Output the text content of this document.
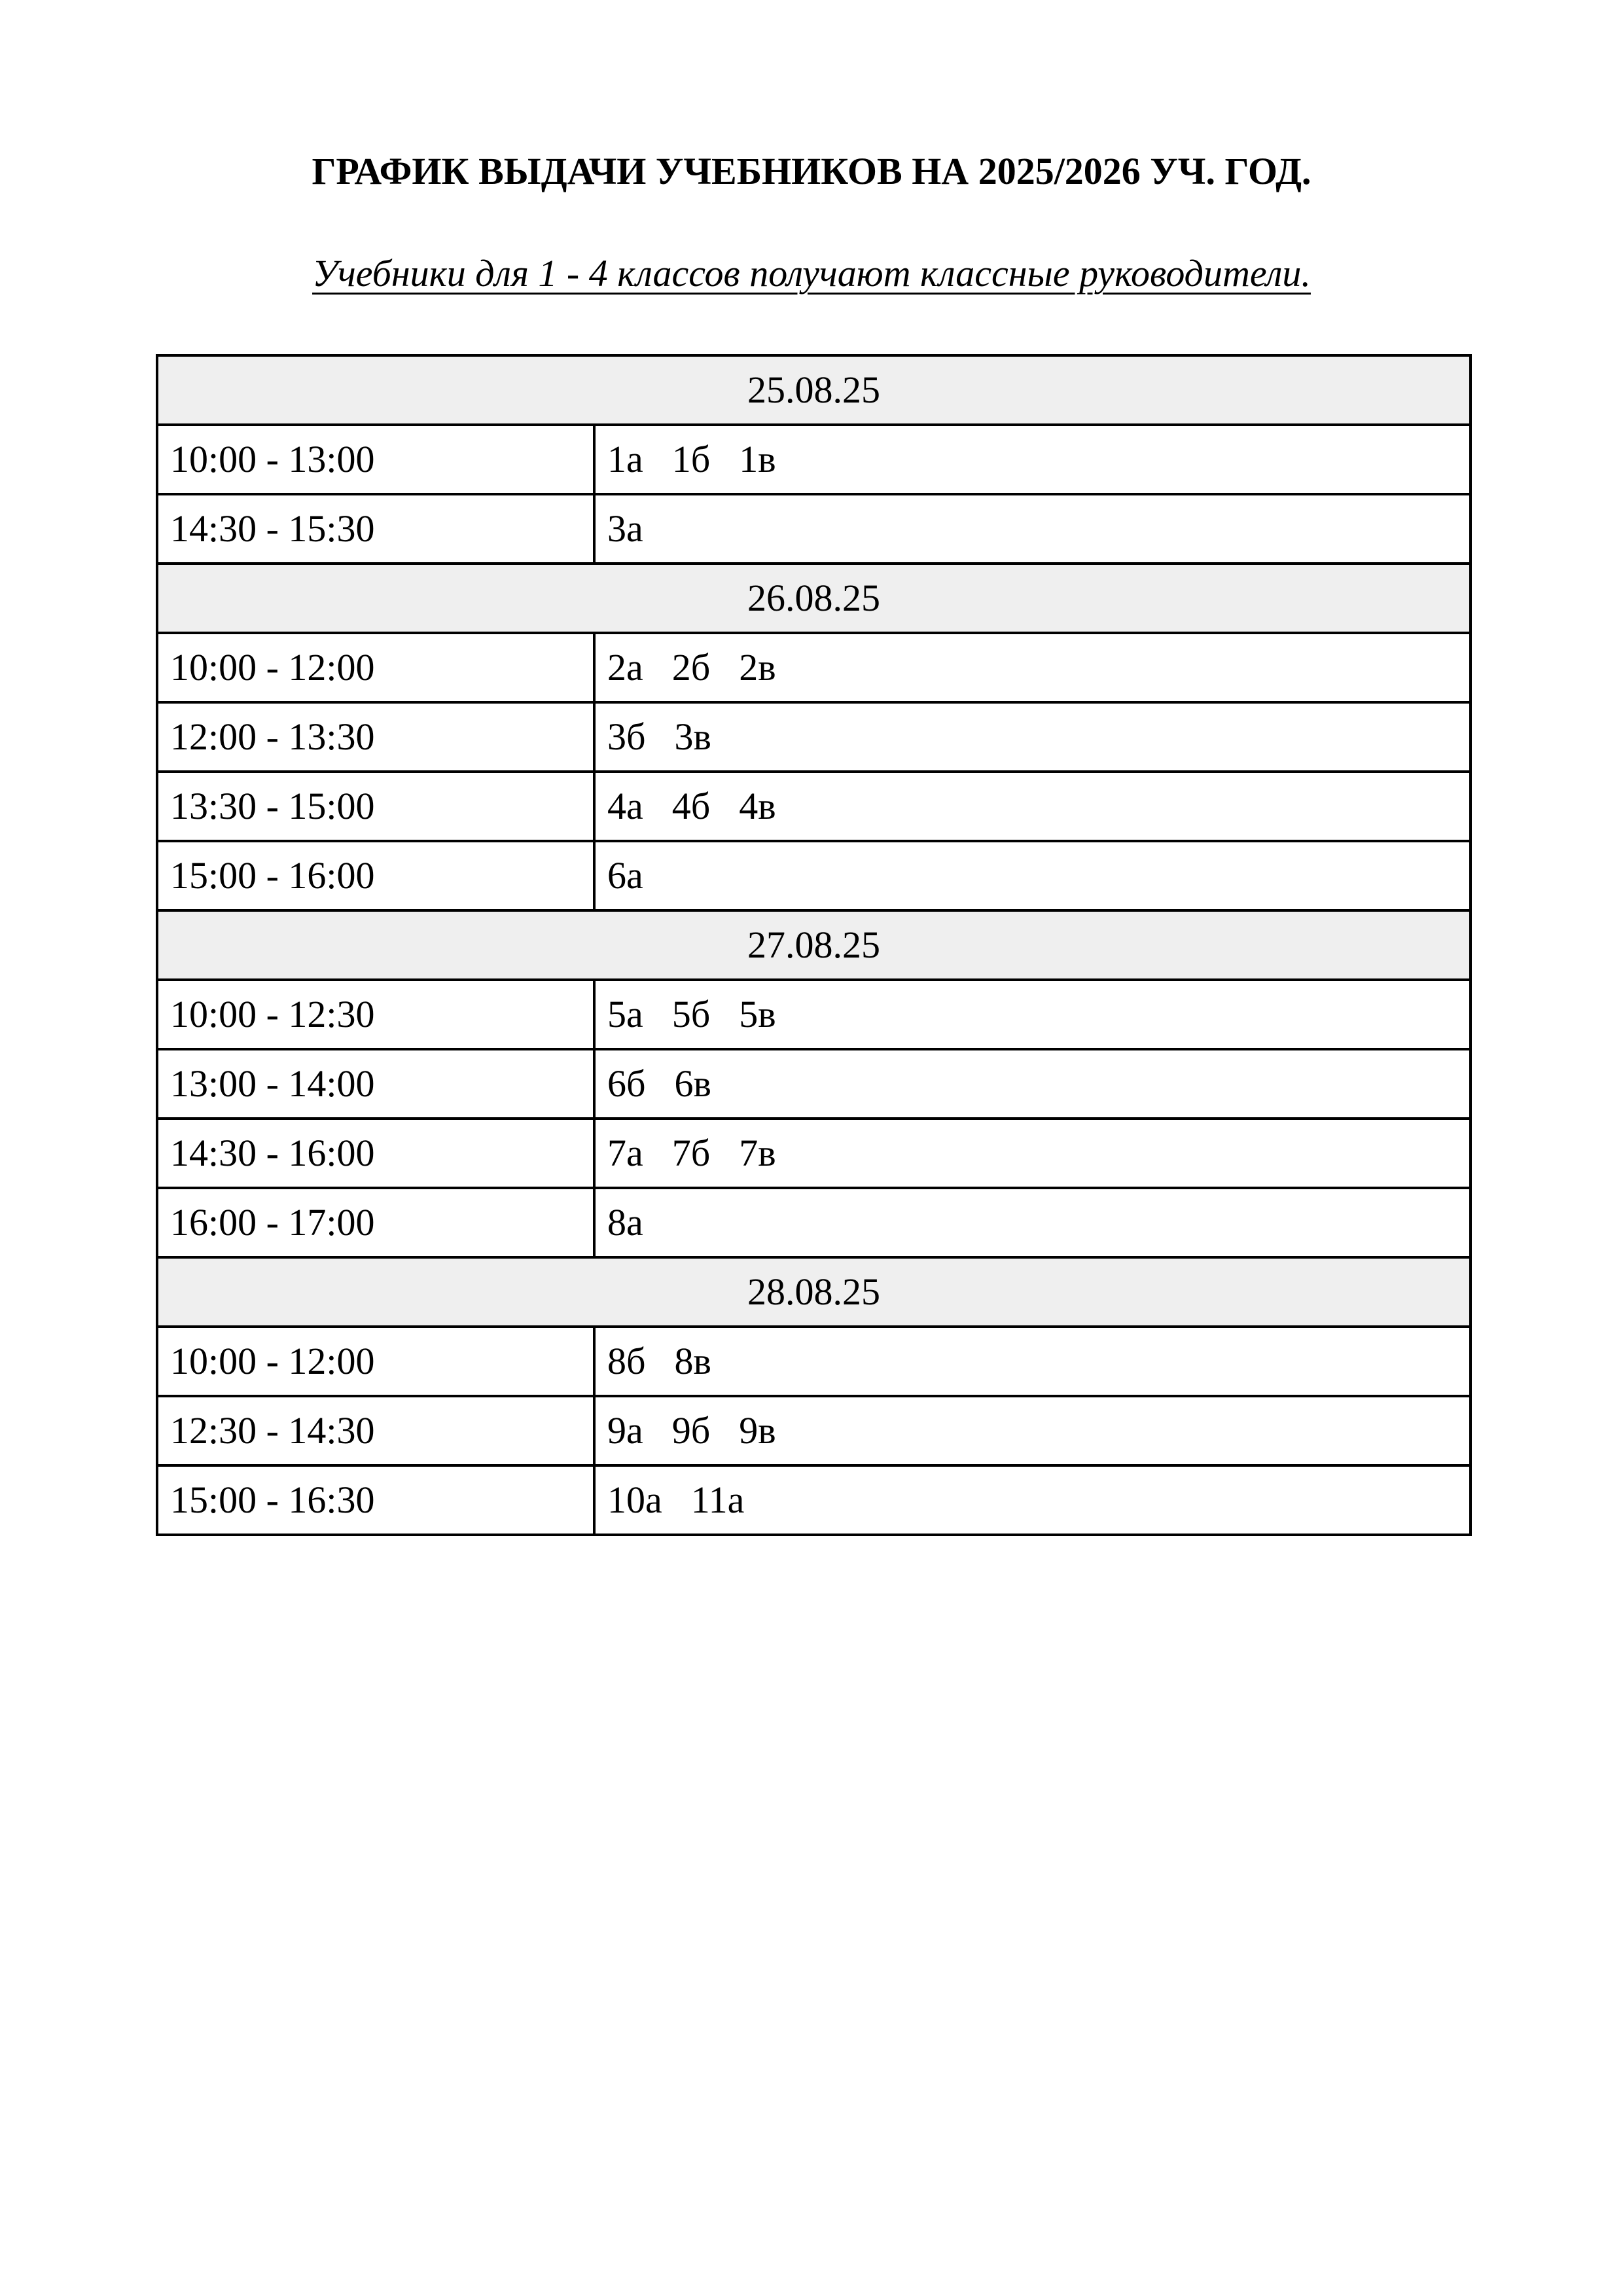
ГРАФИК ВЫДАЧИ УЧЕБНИКОВ НА 2025/2026 УЧ. ГОД.
Учебники для 1 - 4 классов получают классные руководители.
25.08.25	
10:00 - 13:00	1а 1б 1в
14:30 - 15:30	3а
26.08.25	
10:00 - 12:00	2а 2б 2в
12:00 - 13:30	3б 3в
13:30 - 15:00	4а 4б 4в
15:00 - 16:00	6а
27.08.25	
10:00 - 12:30	5а 5б 5в
13:00 - 14:00	6б 6в
14:30 - 16:00	7а 7б 7в
16:00 - 17:00	8а
28.08.25	
10:00 - 12:00	8б 8в
12:30 - 14:30	9а 9б 9в
15:00 - 16:30	10а 11а
